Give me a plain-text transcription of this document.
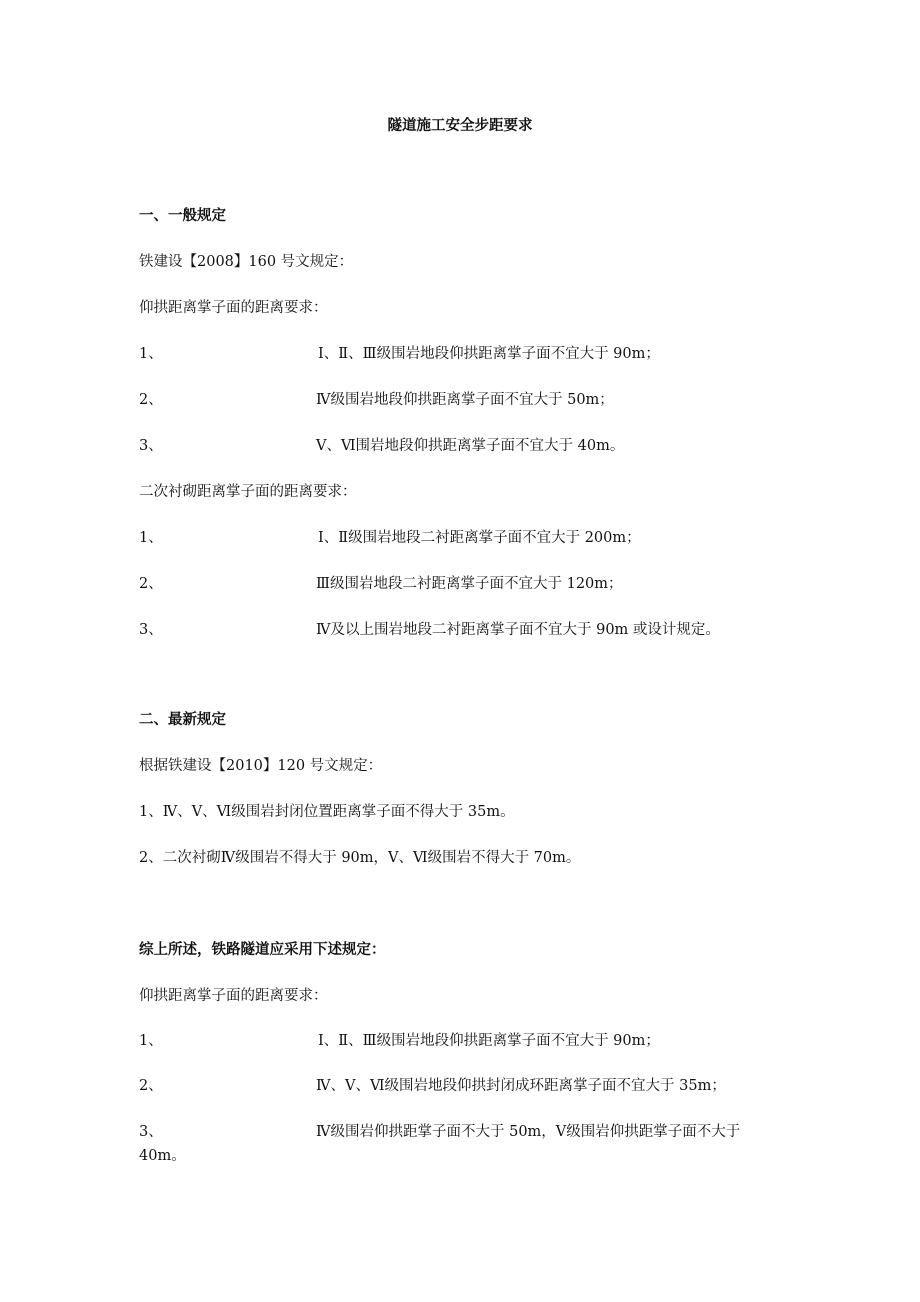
隧道施工安全步距要求
一、一般规定
铁建设【2008】160 号文规定：
仰拱距离掌子面的距离要求：
1、	Ⅰ、Ⅱ、Ⅲ级围岩地段仰拱距离掌子面不宜大于 90m；
2、	Ⅳ级围岩地段仰拱距离掌子面不宜大于 50m；
3、	Ⅴ、Ⅵ围岩地段仰拱距离掌子面不宜大于 40m。
二次衬砌距离掌子面的距离要求：
1、	Ⅰ、Ⅱ级围岩地段二衬距离掌子面不宜大于 200m；
2、	Ⅲ级围岩地段二衬距离掌子面不宜大于 120m；
3、	Ⅳ及以上围岩地段二衬距离掌子面不宜大于 90m 或设计规定。
二、最新规定
根据铁建设【2010】120 号文规定：
1、Ⅳ、Ⅴ、Ⅵ级围岩封闭位置距离掌子面不得大于 35m。
2、二次衬砌Ⅳ级围岩不得大于 90m，Ⅴ、Ⅵ级围岩不得大于 70m。
综上所述，铁路隧道应采用下述规定：
仰拱距离掌子面的距离要求：
1、	Ⅰ、Ⅱ、Ⅲ级围岩地段仰拱距离掌子面不宜大于 90m；
2、	Ⅳ、Ⅴ、Ⅵ级围岩地段仰拱封闭成环距离掌子面不宜大于 35m；
3、	Ⅳ级围岩仰拱距掌子面不大于 50m，Ⅴ级围岩仰拱距掌子面不大于
40m。
